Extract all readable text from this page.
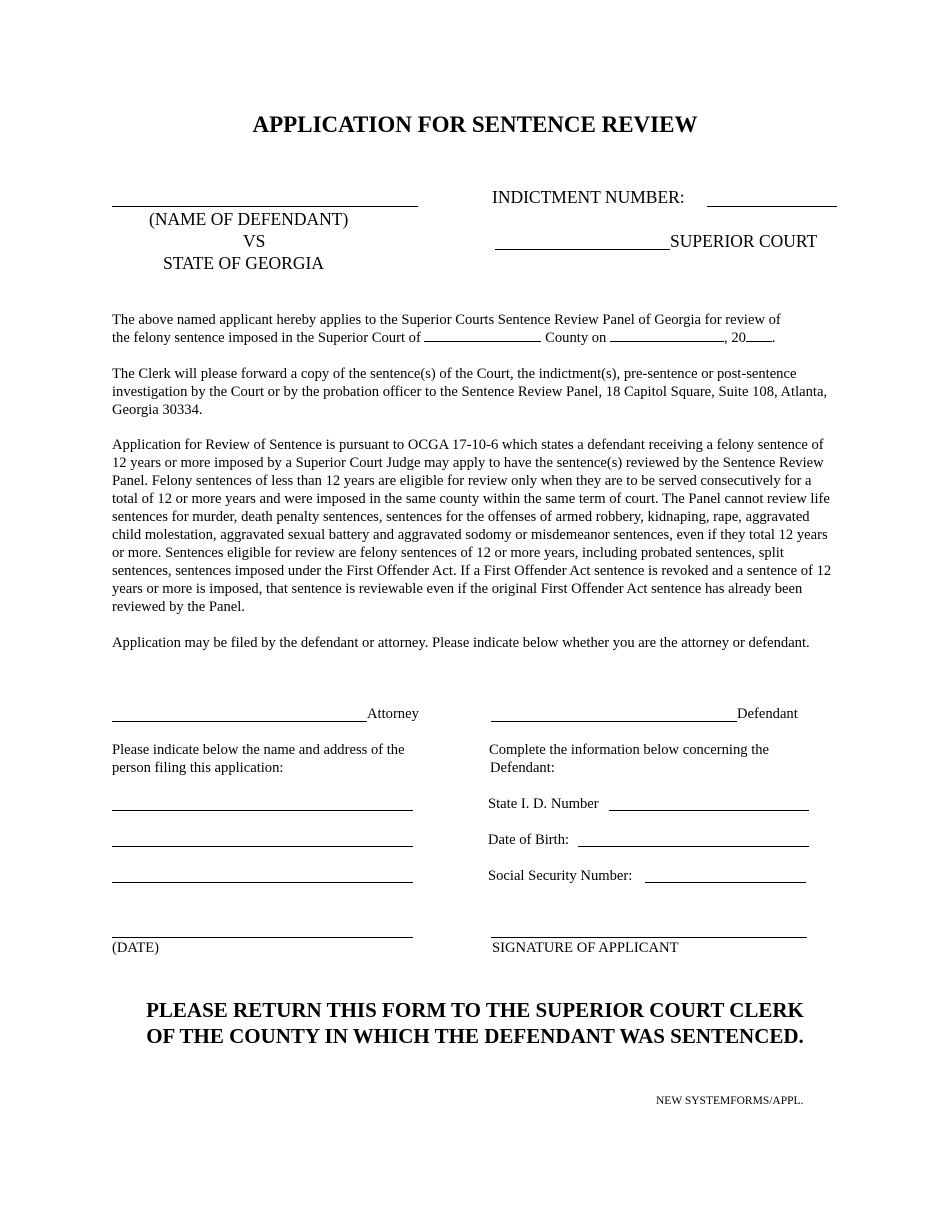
APPLICATION FOR SENTENCE REVIEW
(NAME OF DEFENDANT)
VS
STATE OF GEORGIA
INDICTMENT NUMBER:
SUPERIOR COURT
The above named applicant hereby applies to the Superior Courts Sentence Review Panel of Georgia for review of
the felony sentence imposed in the Superior Court of	County on	, 20 .
The Clerk will please forward a copy of the sentence(s) of the Court, the indictment(s), pre-sentence or post-sentence investigation by the Court or by the probation officer to the Sentence Review Panel, 18 Capitol Square, Suite 108, Atlanta, Georgia 30334.
Application for Review of Sentence is pursuant to OCGA 17-10-6 which states a defendant receiving a felony sentence of 12 years or more imposed by a Superior Court Judge may apply to have the sentence(s) reviewed by the Sentence Review Panel. Felony sentences of less than 12 years are eligible for review only when they are to be served consecutively for a total of 12 or more years and were imposed in the same county within the same term of court. The Panel cannot review life sentences for murder, death penalty sentences, sentences for the offenses of armed robbery, kidnaping, rape, aggravated child molestation, aggravated sexual battery and aggravated sodomy or misdemeanor sentences, even if they total 12 years or more. Sentences eligible for review are felony sentences of 12 or more years, including probated sentences, split sentences, sentences imposed under the First Offender Act. If a First Offender Act sentence is revoked and a sentence of 12 years or more is imposed, that sentence is reviewable even if the original First Offender Act sentence has already been reviewed by the Panel.
Application may be filed by the defendant or attorney. Please indicate below whether you are the attorney or defendant.
Attorney	Defendant
Please indicate below the name and address of the
person filing this application:
(DATE)
Complete the information below concerning the
Defendant:
State I. D. Number
Date of Birth:
Social Security Number:
SIGNATURE OF APPLICANT
PLEASE RETURN THIS FORM TO THE SUPERIOR COURT CLERK
OF THE COUNTY IN WHICH THE DEFENDANT WAS SENTENCED.
NEW SYSTEMFORMS/APPL.
